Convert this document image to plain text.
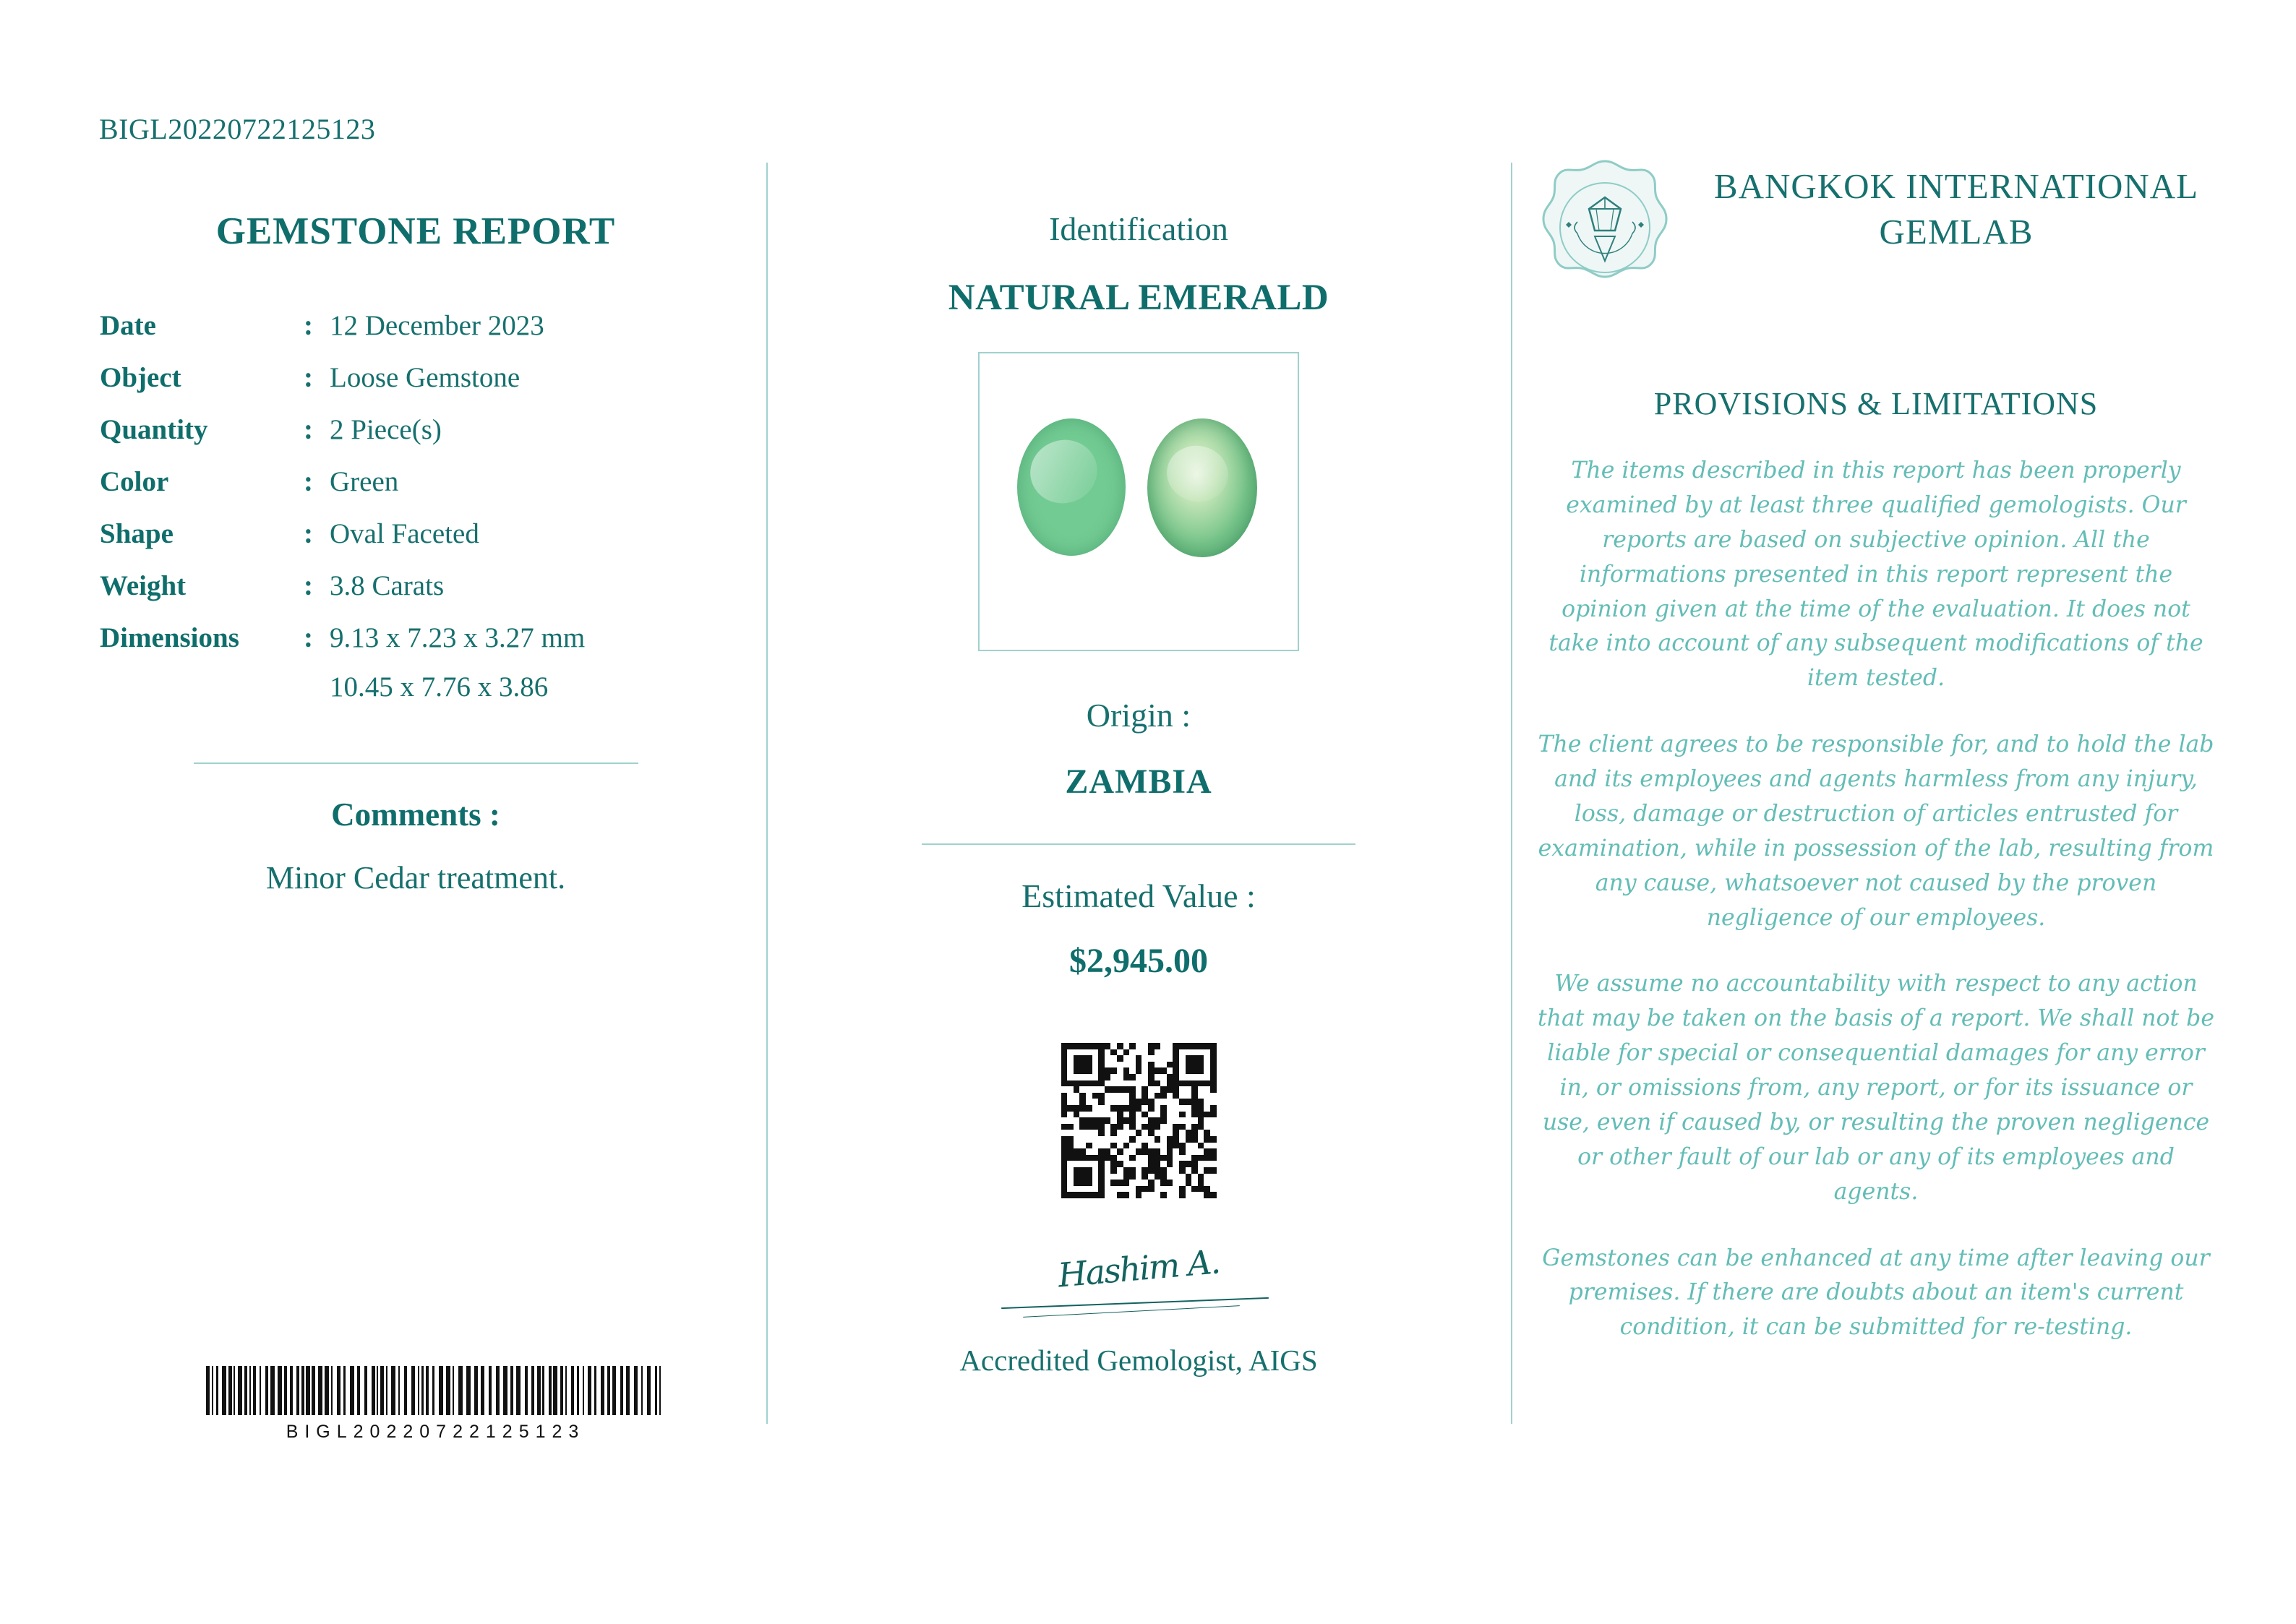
BIGL20220722125123
GEMSTONE REPORT
Date	: 12 December 2023
Object	: Loose Gemstone
Quantity	: 2 Piece(s)
Color	: Green
Shape	: Oval Faceted
Weight	: 3.8 Carats
Dimensions	: 9.13 x 7.23 x 3.27 mm
10.45 x 7.76 x 3.86
Comments :
Minor Cedar treatment.
BIGL20220722125123
Identification
NATURAL EMERALD
Origin :
ZAMBIA
Estimated Value :
$2,945.00
Hashim A.
Accredited Gemologist, AIGS
BANGKOK INTERNATIONAL GEMLAB
PROVISIONS & LIMITATIONS
The items described in this report has been properly examined by at least three qualified gemologists. Our reports are based on subjective opinion. All the informations presented in this report represent the opinion given at the time of the evaluation. It does not take into account of any subsequent modifications of the item tested.
The client agrees to be responsible for, and to hold the lab and its employees and agents harmless from any injury, loss, damage or destruction of articles entrusted for examination, while in possession of the lab, resulting from any cause, whatsoever not caused by the proven negligence of our employees.
We assume no accountability with respect to any action that may be taken on the basis of a report. We shall not be liable for special or consequential damages for any error in, or omissions from, any report, or for its issuance or use, even if caused by, or resulting the proven negligence or other fault of our lab or any of its employees and agents.
Gemstones can be enhanced at any time after leaving our premises. If there are doubts about an item's current condition, it can be submitted for re-testing.
